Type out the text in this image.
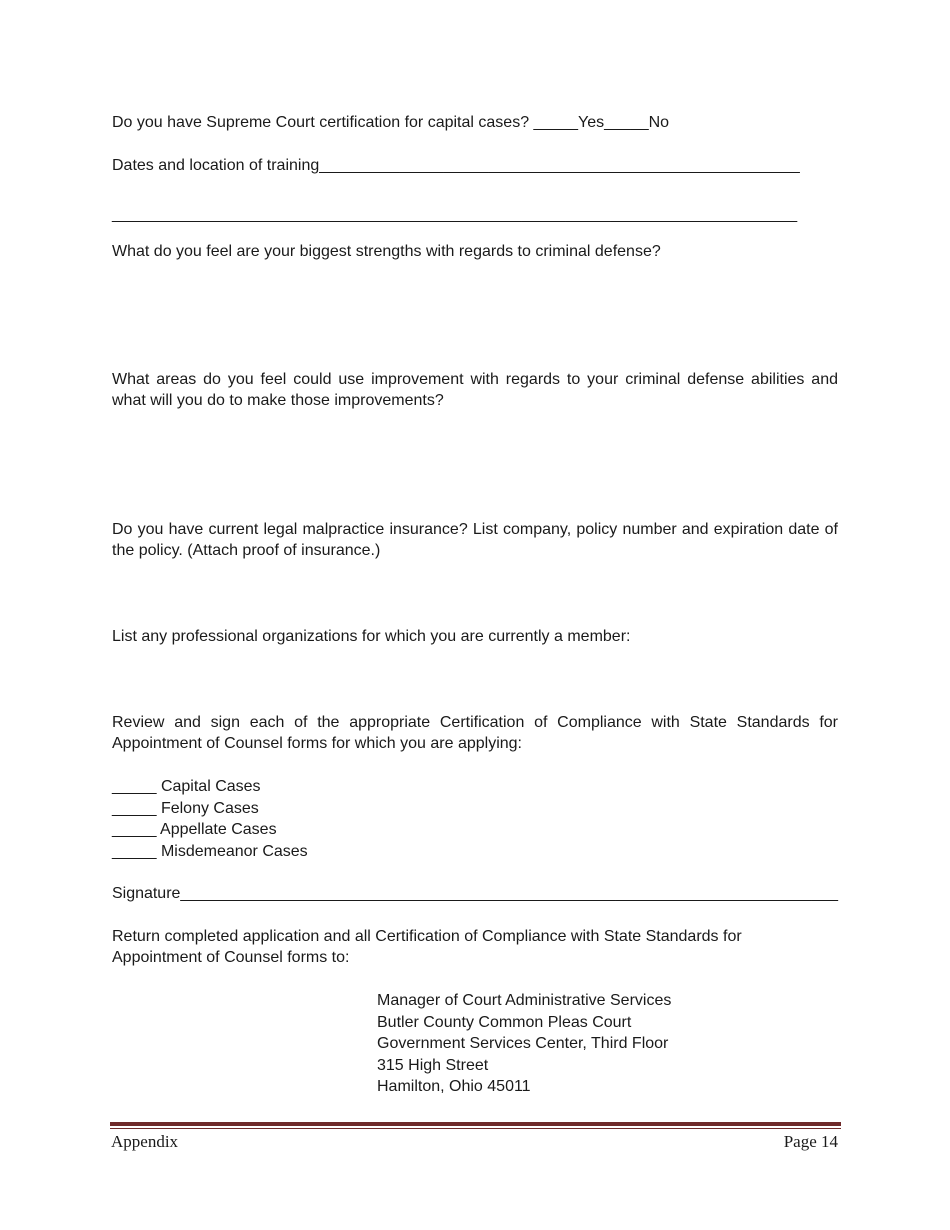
Do you have Supreme Court certification for capital cases? _____Yes_____No
Dates and location of training______________________________________________________
_____________________________________________________________________________
What do you feel are your biggest strengths with regards to criminal defense?
What areas do you feel could use improvement with regards to your criminal defense abilities and what will you do to make those improvements?
Do you have current legal malpractice insurance? List company, policy number and expiration date of the policy. (Attach proof of insurance.)
List any professional organizations for which you are currently a member:
Review and sign each of the appropriate Certification of Compliance with State Standards for Appointment of Counsel forms for which you are applying:
_____ Capital Cases
_____ Felony Cases
_____ Appellate Cases
_____ Misdemeanor Cases
Signature__________________________________________________________________________
Return completed application and all Certification of Compliance with State Standards for Appointment of Counsel forms to:
Manager of Court Administrative Services
Butler County Common Pleas Court
Government Services Center, Third Floor
315 High Street
Hamilton, Ohio 45011
Appendix	Page 14
